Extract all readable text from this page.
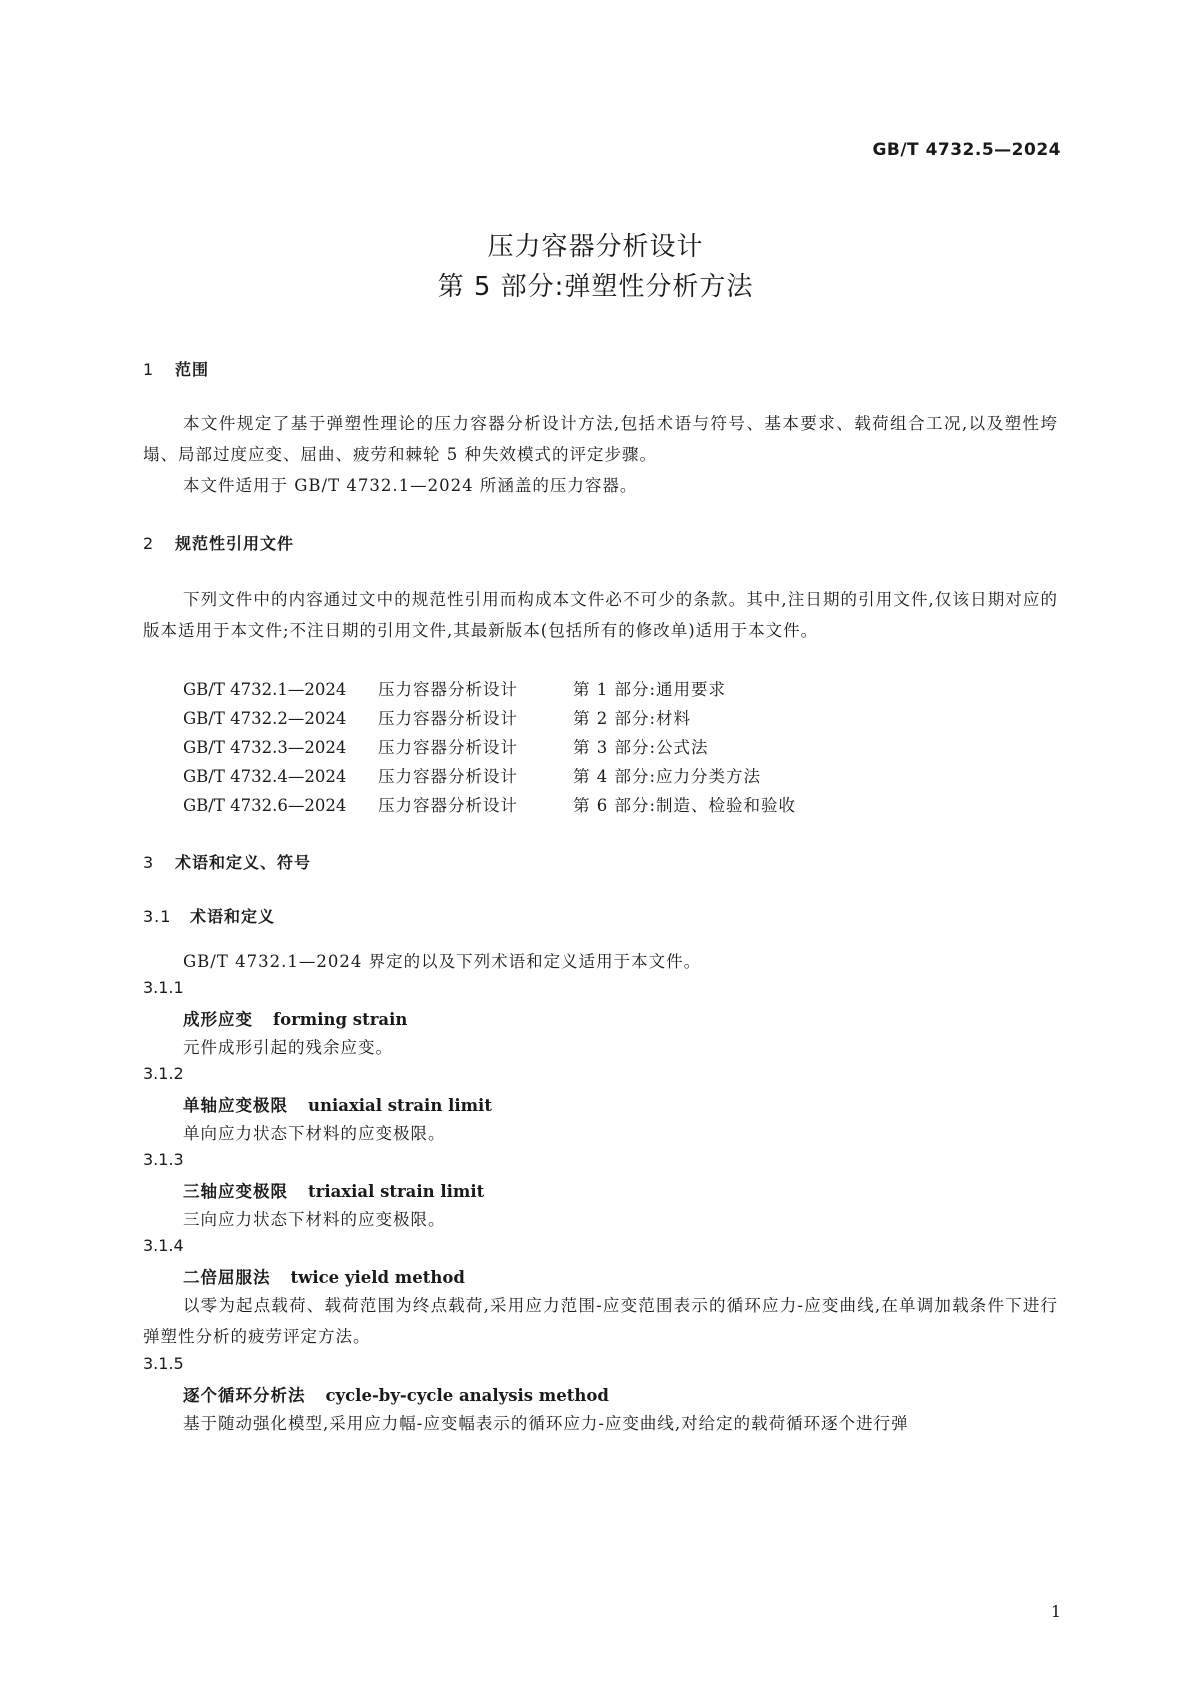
GB/T 4732.5—2024
压力容器分析设计
第 5 部分:弹塑性分析方法
1 范围
本文件规定了基于弹塑性理论的压力容器分析设计方法,包括术语与符号、基本要求、载荷组合工况,以及塑性垮塌、局部过度应变、屈曲、疲劳和棘轮 5 种失效模式的评定步骤。
本文件适用于 GB/T 4732.1—2024 所涵盖的压力容器。
2 规范性引用文件
下列文件中的内容通过文中的规范性引用而构成本文件必不可少的条款。其中,注日期的引用文件,仅该日期对应的版本适用于本文件;不注日期的引用文件,其最新版本(包括所有的修改单)适用于本文件。
GB/T 4732.1—2024 压力容器分析设计	第 1 部分:通用要求
GB/T 4732.2—2024 压力容器分析设计	第 2 部分:材料
GB/T 4732.3—2024 压力容器分析设计	第 3 部分:公式法
GB/T 4732.4—2024 压力容器分析设计	第 4 部分:应力分类方法
GB/T 4732.6—2024 压力容器分析设计	第 6 部分:制造、检验和验收
3 术语和定义、符号
3.1 术语和定义
GB/T 4732.1—2024 界定的以及下列术语和定义适用于本文件。
3.1.1
成形应变 forming strain
元件成形引起的残余应变。
3.1.2
单轴应变极限 uniaxial strain limit
单向应力状态下材料的应变极限。
3.1.3
三轴应变极限 triaxial strain limit
三向应力状态下材料的应变极限。
3.1.4
二倍屈服法 twice yield method
以零为起点载荷、载荷范围为终点载荷,采用应力范围-应变范围表示的循环应力-应变曲线,在单调加载条件下进行弹塑性分析的疲劳评定方法。
3.1.5
逐个循环分析法 cycle-by-cycle analysis method
基于随动强化模型,采用应力幅-应变幅表示的循环应力-应变曲线,对给定的载荷循环逐个进行弹
1
